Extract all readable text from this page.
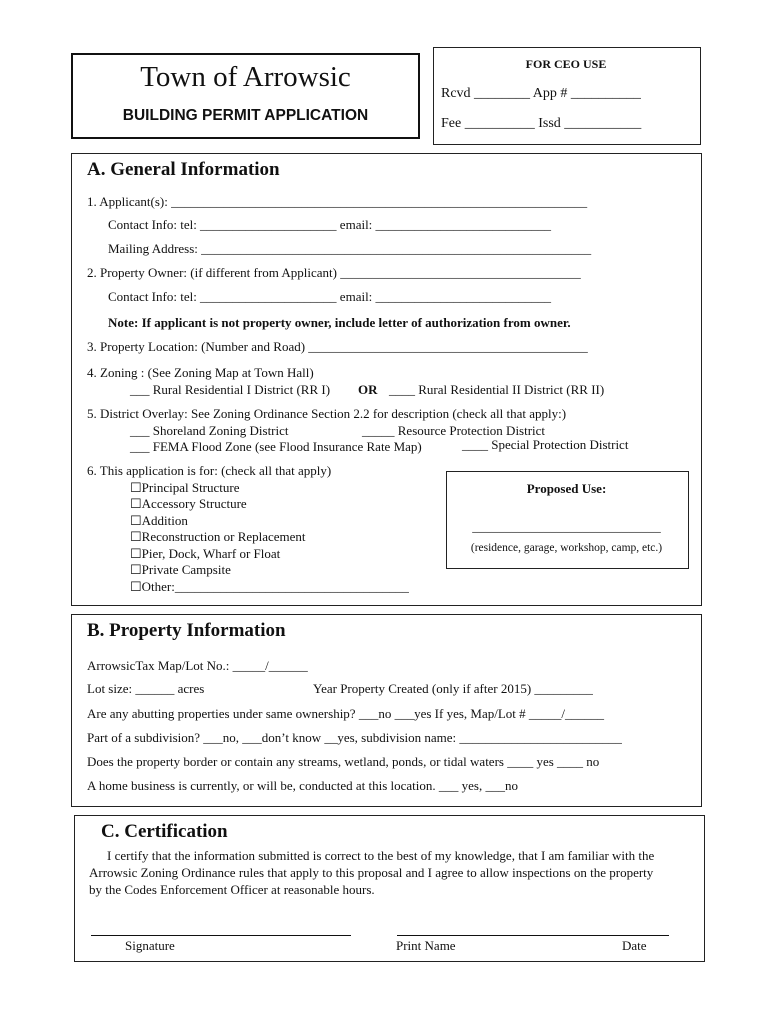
Town of Arrowsic
BUILDING PERMIT APPLICATION
FOR CEO USE
Rcvd ________ App # __________
Fee __________ Issd ___________
A. General Information
1. Applicant(s): ________________________________________________________________
Contact Info: tel: _____________________ email: ___________________________
Mailing Address: ____________________________________________________________
2. Property Owner: (if different from Applicant) _____________________________________
Contact Info: tel: _____________________ email: ___________________________
Note: If applicant is not property owner, include letter of authorization from owner.
3. Property Location: (Number and Road) ___________________________________________
4. Zoning : (See Zoning Map at Town Hall)
___ Rural Residential I District (RR I) OR ____ Rural Residential II District (RR II)
5. District Overlay: See Zoning Ordinance Section 2.2 for description (check all that apply:)
___ Shoreland Zoning District	_____ Resource Protection District
___ FEMA Flood Zone (see Flood Insurance Rate Map)	____ Special Protection District
6. This application is for: (check all that apply)
☐Principal Structure
☐Accessory Structure
☐Addition
☐Reconstruction or Replacement
☐Pier, Dock, Wharf or Float
☐Private Campsite
☐Other:____________________________________
Proposed Use:
_____________________________
(residence, garage, workshop, camp, etc.)
B. Property Information
ArrowsicTax Map/Lot No.: _____/______
Lot size: ______ acres	Year Property Created (only if after 2015) _________
Are any abutting properties under same ownership? ___no ___yes If yes, Map/Lot # _____/______
Part of a subdivision? ___no, ___don’t know __yes, subdivision name: _________________________
Does the property border or contain any streams, wetland, ponds, or tidal waters ____ yes ____ no
A home business is currently, or will be, conducted at this location. ___ yes, ___no
C. Certification
I certify that the information submitted is correct to the best of my knowledge, that I am familiar with the
Arrowsic Zoning Ordinance rules that apply to this proposal and I agree to allow inspections on the property
by the Codes Enforcement Officer at reasonable hours.
Signature	Print Name	Date
